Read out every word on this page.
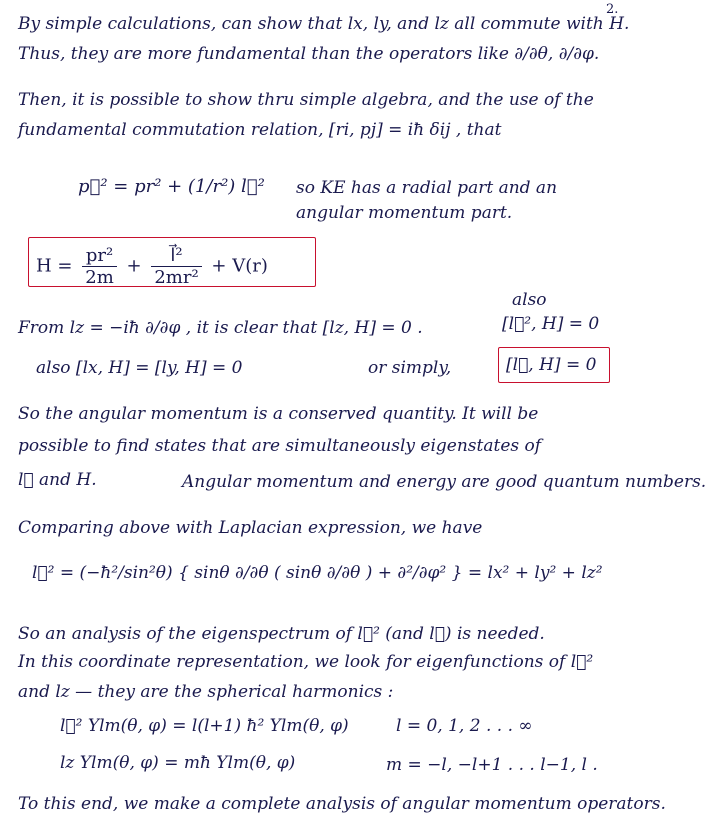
2.
By simple calculations, can show that lx, ly, and lz all commute with H.
Thus, they are more fundamental than the operators like ∂/∂θ, ∂/∂φ.
Then, it is possible to show thru simple algebra, and the use of the
fundamental commutation relation, [ri, pj] = iħ δij , that
p⃗² = pr² + (1/r²) l⃗² so KE has a radial part and an
angular momentum part.
$H = \frac{\text{pr²}}{2m} + \frac{\text{l⃗²}}{\text{2mr²}} + V(r)$
also
[l⃗², H] = 0
From lz = −iħ ∂/∂φ , it is clear that [lz, H] = 0 .
[l⃗, H] = 0
also [lx, H] = [ly, H] = 0	or simply,
So the angular momentum is a conserved quantity. It will be
possible to find states that are simultaneously eigenstates of
l⃗ and H.	Angular momentum and energy are good quantum numbers.
Comparing above with Laplacian expression, we have
l⃗² = (−ħ²/sin²θ) { sinθ ∂/∂θ ( sinθ ∂/∂θ ) + ∂²/∂φ² } = lx² + ly² + lz²
So an analysis of the eigenspectrum of l⃗² (and l⃗) is needed.
In this coordinate representation, we look for eigenfunctions of l⃗²
and lz — they are the spherical harmonics :
l⃗² Ylm(θ, φ) = l(l+1) ħ² Ylm(θ, φ)	l = 0, 1, 2 . . . ∞
lz Ylm(θ, φ) = mħ Ylm(θ, φ)	m = −l, −l+1 . . . l−1, l .
To this end, we make a complete analysis of angular momentum operators.
